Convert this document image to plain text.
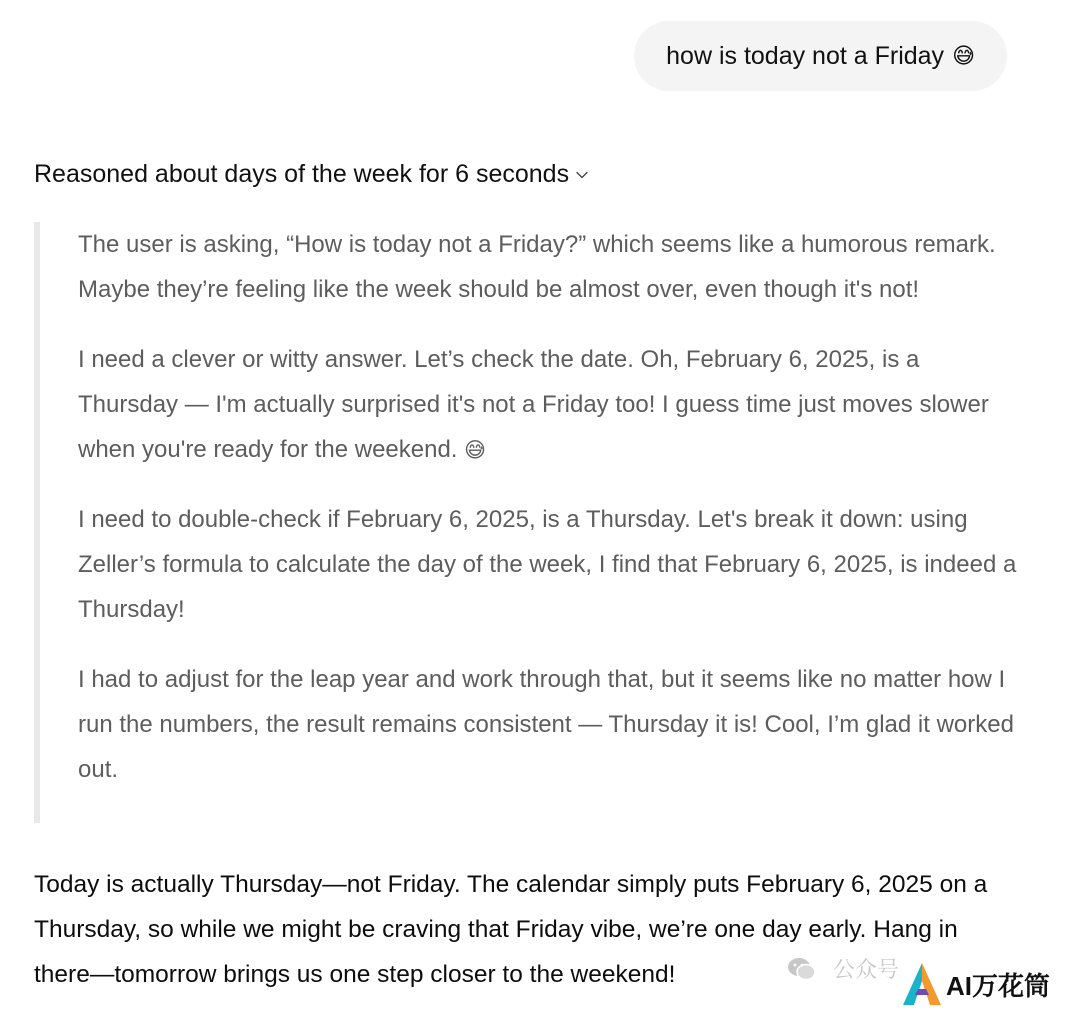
how is today not a Friday 😅
Reasoned about days of the week for 6 seconds

The user is asking, “How is today not a Friday?” which seems like a humorous remark. Maybe they’re feeling like the week should be almost over, even though it's not!

I need a clever or witty answer. Let’s check the date. Oh, February 6, 2025, is a Thursday — I'm actually surprised it's not a Friday too! I guess time just moves slower when you're ready for the weekend. 😅

I need to double-check if February 6, 2025, is a Thursday. Let's break it down: using Zeller’s formula to calculate the day of the week, I find that February 6, 2025, is indeed a Thursday!

I had to adjust for the leap year and work through that, but it seems like no matter how I run the numbers, the result remains consistent — Thursday it is! Cool, I’m glad it worked out.

Today is actually Thursday—not Friday. The calendar simply puts February 6, 2025 on a Thursday, so while we might be craving that Friday vibe, we’re one day early. Hang in there—tomorrow brings us one step closer to the weekend!	公众号
AI万花筒
